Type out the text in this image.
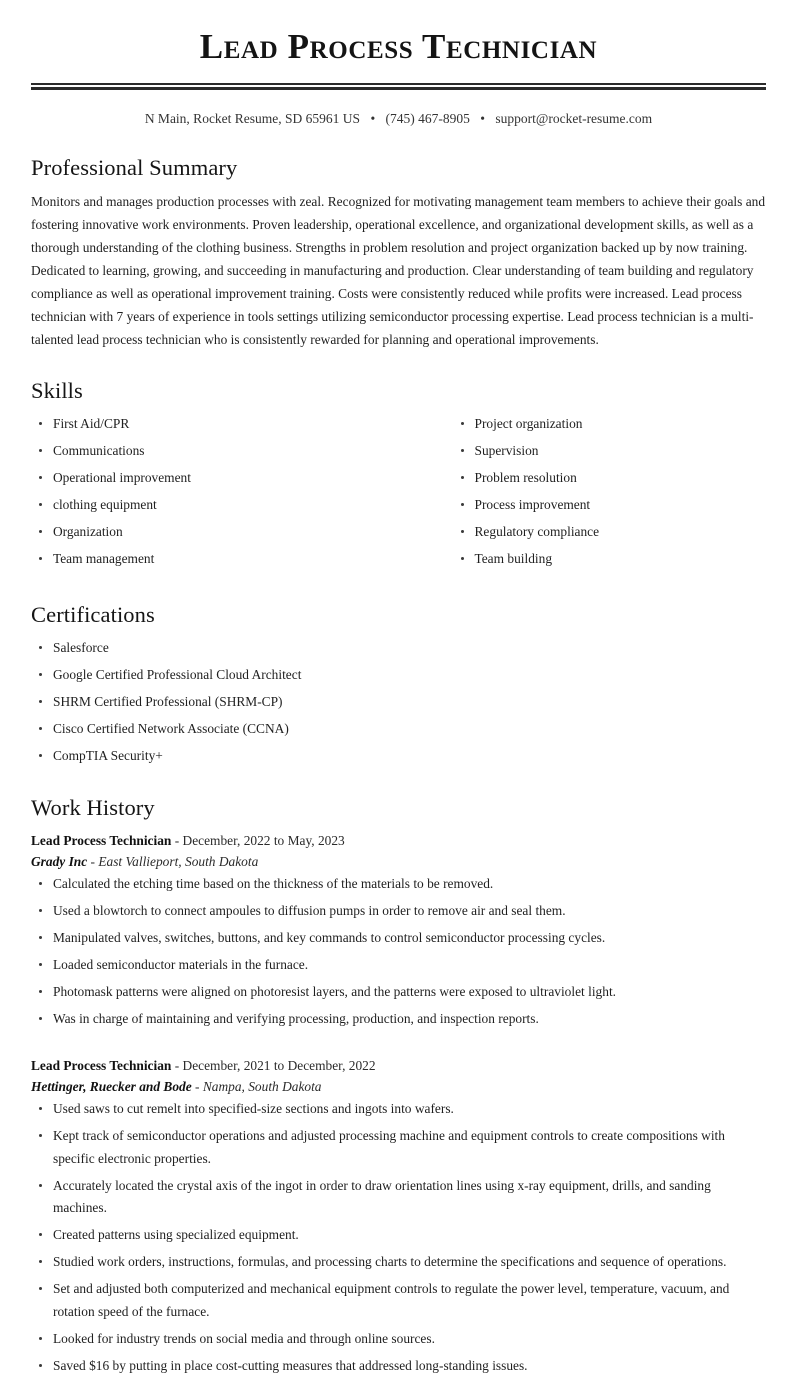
Lead Process Technician
N Main, Rocket Resume, SD 65961 US • (745) 467-8905 • support@rocket-resume.com
Professional Summary

Monitors and manages production processes with zeal. Recognized for motivating management team members to achieve their goals and fostering innovative work environments. Proven leadership, operational excellence, and organizational development skills, as well as a thorough understanding of the clothing business. Strengths in problem resolution and project organization backed up by now training. Dedicated to learning, growing, and succeeding in manufacturing and production. Clear understanding of team building and regulatory compliance as well as operational improvement training. Costs were consistently reduced while profits were increased. Lead process technician with 7 years of experience in tools settings utilizing semiconductor processing expertise. Lead process technician is a multi-talented lead process technician who is consistently rewarded for planning and operational improvements.

Skills
First Aid/CPR
Communications
Operational improvement
clothing equipment
Organization
Team management
Project organization
Supervision
Problem resolution
Process improvement
Regulatory compliance
Team building
Certifications
Salesforce
Google Certified Professional Cloud Architect
SHRM Certified Professional (SHRM-CP)
Cisco Certified Network Associate (CCNA)
CompTIA Security+
Work History
Lead Process Technician - December, 2022 to May, 2023
Grady Inc - East Vallieport, South Dakota
Calculated the etching time based on the thickness of the materials to be removed.
Used a blowtorch to connect ampoules to diffusion pumps in order to remove air and seal them.
Manipulated valves, switches, buttons, and key commands to control semiconductor processing cycles.
Loaded semiconductor materials in the furnace.
Photomask patterns were aligned on photoresist layers, and the patterns were exposed to ultraviolet light.
Was in charge of maintaining and verifying processing, production, and inspection reports.
Lead Process Technician - December, 2021 to December, 2022
Hettinger, Ruecker and Bode - Nampa, South Dakota
Used saws to cut remelt into specified-size sections and ingots into wafers.
Kept track of semiconductor operations and adjusted processing machine and equipment controls to create compositions with specific electronic properties.
Accurately located the crystal axis of the ingot in order to draw orientation lines using x-ray equipment, drills, and sanding machines.
Created patterns using specialized equipment.
Studied work orders, instructions, formulas, and processing charts to determine the specifications and sequence of operations.
Set and adjusted both computerized and mechanical equipment controls to regulate the power level, temperature, vacuum, and rotation speed of the furnace.
Looked for industry trends on social media and through online sources.
Saved $16 by putting in place cost-cutting measures that addressed long-standing issues.
